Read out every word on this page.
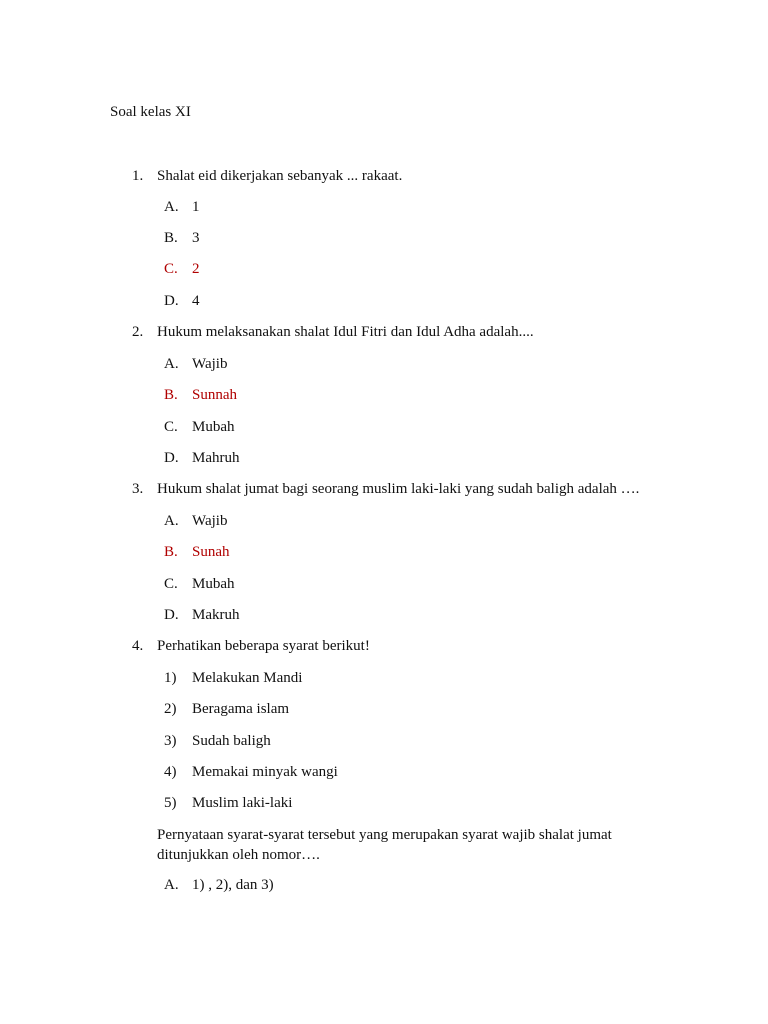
Soal kelas XI
1. Shalat eid dikerjakan sebanyak ... rakaat.
A. 1
B. 3
C. 2
D. 4
2. Hukum melaksanakan shalat Idul Fitri dan Idul Adha adalah....
A. Wajib
B. Sunnah
C. Mubah
D. Mahruh
3. Hukum shalat jumat bagi seorang muslim laki-laki yang sudah baligh adalah ….
A. Wajib
B. Sunah
C. Mubah
D. Makruh
4. Perhatikan beberapa syarat berikut!
1) Melakukan Mandi
2) Beragama islam
3) Sudah baligh
4) Memakai minyak wangi
5) Muslim laki-laki
Pernyataan syarat-syarat tersebut yang merupakan syarat wajib shalat jumat ditunjukkan oleh nomor….
A. 1) , 2), dan 3)
